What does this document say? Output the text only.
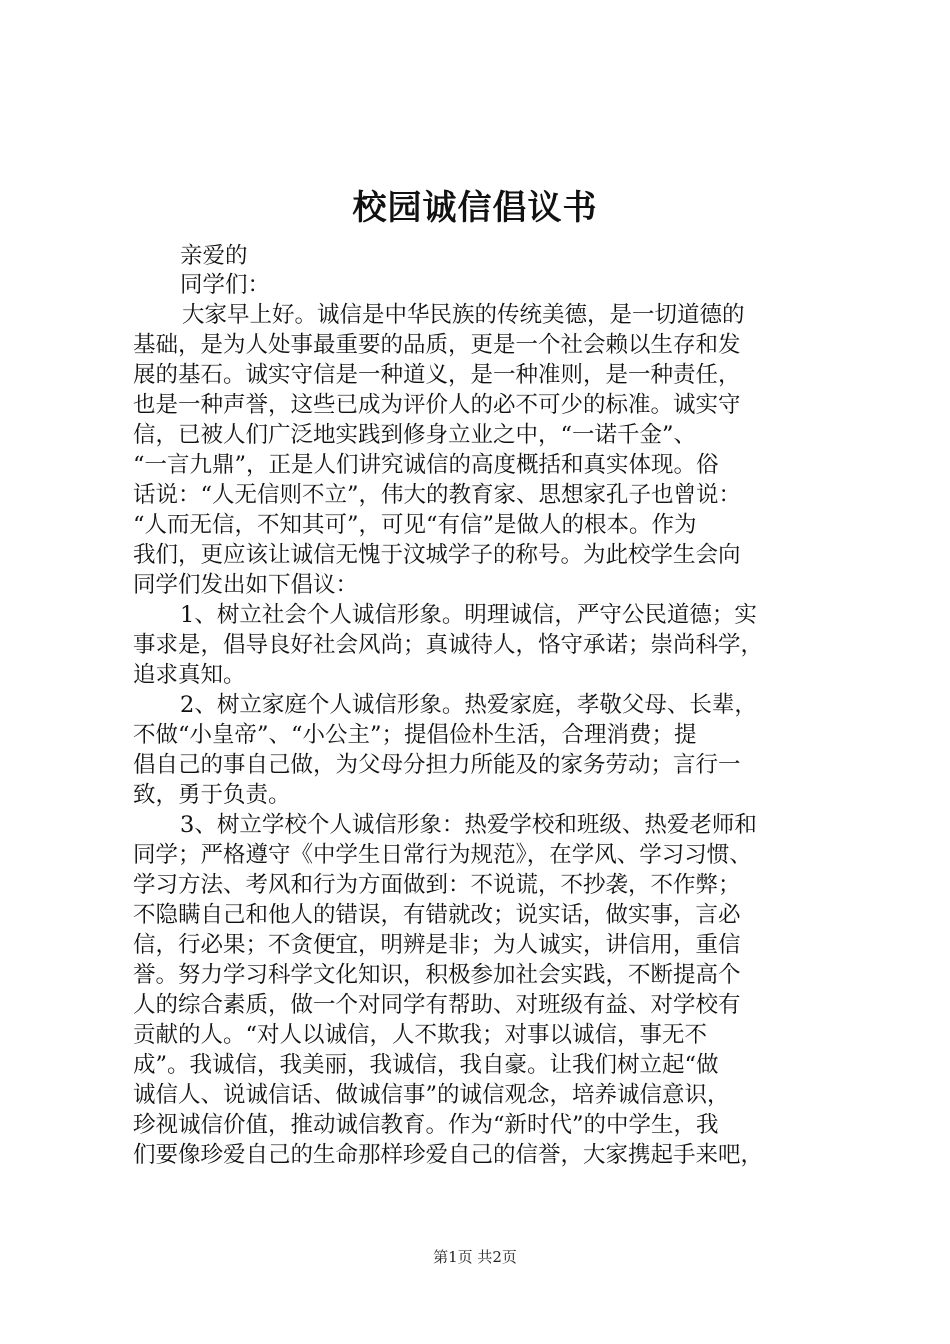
校园诚信倡议书
亲爱的
同学们：
大家早上好。诚信是中华民族的传统美德，是一切道德的
基础，是为人处事最重要的品质，更是一个社会赖以生存和发
展的基石。诚实守信是一种道义，是一种准则，是一种责任，
也是一种声誉，这些已成为评价人的必不可少的标准。诚实守
信，已被人们广泛地实践到修身立业之中，“一诺千金”、
“一言九鼎”，正是人们讲究诚信的高度概括和真实体现。俗
话说：“人无信则不立”，伟大的教育家、思想家孔子也曾说：
“人而无信，不知其可”，可见“有信”是做人的根本。作为
我们，更应该让诚信无愧于汶城学子的称号。为此校学生会向
同学们发出如下倡议：
1、树立社会个人诚信形象。明理诚信，严守公民道德；实
事求是，倡导良好社会风尚；真诚待人，恪守承诺；崇尚科学，
追求真知。
2、树立家庭个人诚信形象。热爱家庭，孝敬父母、长辈，
不做“小皇帝”、“小公主”；提倡俭朴生活，合理消费；提
倡自己的事自己做，为父母分担力所能及的家务劳动；言行一
致，勇于负责。
3、树立学校个人诚信形象：热爱学校和班级、热爱老师和
同学；严格遵守《中学生日常行为规范》，在学风、学习习惯、
学习方法、考风和行为方面做到：不说谎，不抄袭，不作弊；
不隐瞒自己和他人的错误，有错就改；说实话，做实事，言必
信，行必果；不贪便宜，明辨是非；为人诚实，讲信用，重信
誉。努力学习科学文化知识，积极参加社会实践，不断提高个
人的综合素质，做一个对同学有帮助、对班级有益、对学校有
贡献的人。“对人以诚信，人不欺我；对事以诚信，事无不
成”。我诚信，我美丽，我诚信，我自豪。让我们树立起“做
诚信人、说诚信话、做诚信事”的诚信观念，培养诚信意识，
珍视诚信价值，推动诚信教育。作为“新时代”的中学生，我
们要像珍爱自己的生命那样珍爱自己的信誉，大家携起手来吧，
第1页 共2页
